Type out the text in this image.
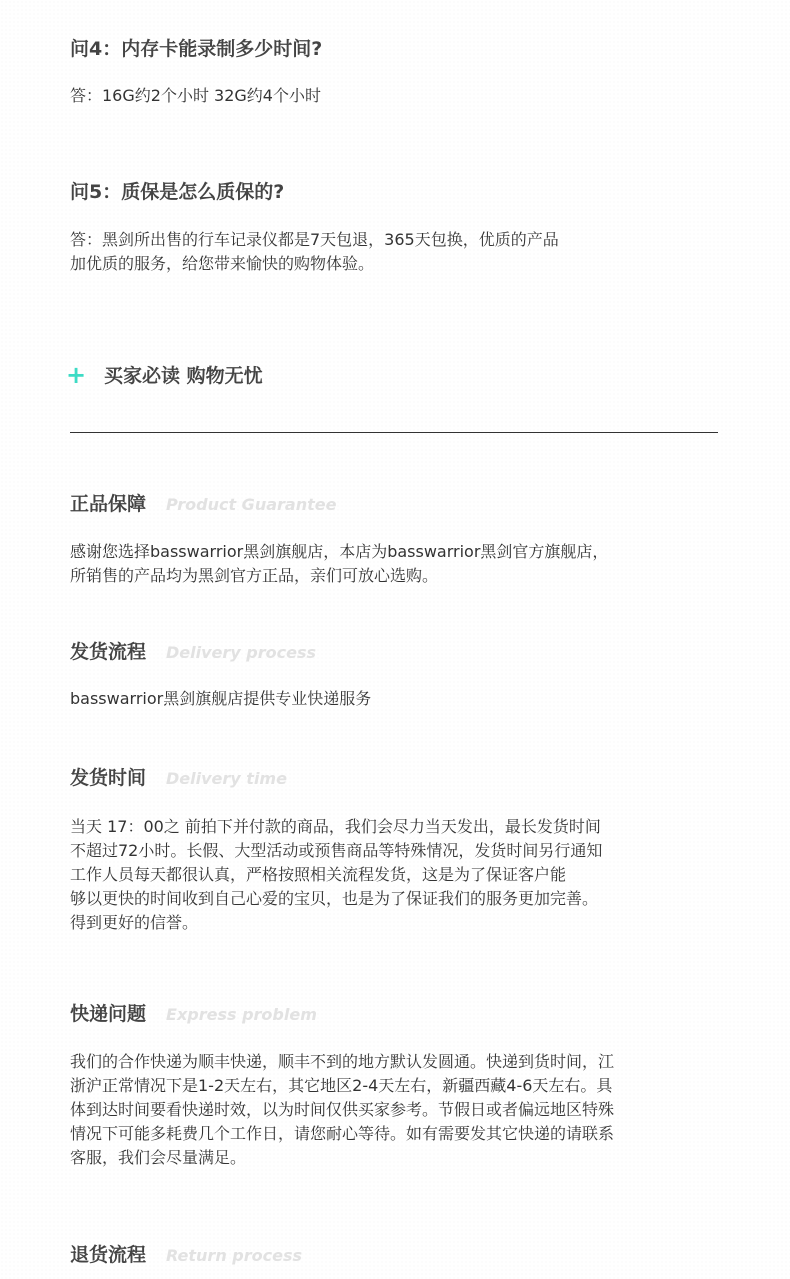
问4：内存卡能录制多少时间?
答：16G约2个小时 32G约4个小时
问5：质保是怎么质保的?
答：黑剑所出售的行车记录仪都是7天包退，365天包换，优质的产品
加优质的服务，给您带来愉快的购物体验。
+ 买家必读 购物无忧
正品保障 Product Guarantee
感谢您选择basswarrior黑剑旗舰店，本店为basswarrior黑剑官方旗舰店，
所销售的产品均为黑剑官方正品，亲们可放心选购。
发货流程 Delivery process
basswarrior黑剑旗舰店提供专业快递服务
发货时间 Delivery time
当天 17：00之 前拍下并付款的商品，我们会尽力当天发出，最长发货时间
不超过72小时。长假、大型活动或预售商品等特殊情况，发货时间另行通知
工作人员每天都很认真，严格按照相关流程发货，这是为了保证客户能
够以更快的时间收到自己心爱的宝贝，也是为了保证我们的服务更加完善。
得到更好的信誉。
快递问题 Express problem
我们的合作快递为顺丰快递，顺丰不到的地方默认发圆通。快递到货时间，江
浙沪正常情况下是1-2天左右，其它地区2-4天左右，新疆西藏4-6天左右。具
体到达时间要看快递时效，以为时间仅供买家参考。节假日或者偏远地区特殊
情况下可能多耗费几个工作日，请您耐心等待。如有需要发其它快递的请联系
客服，我们会尽量满足。
退货流程 Return process
